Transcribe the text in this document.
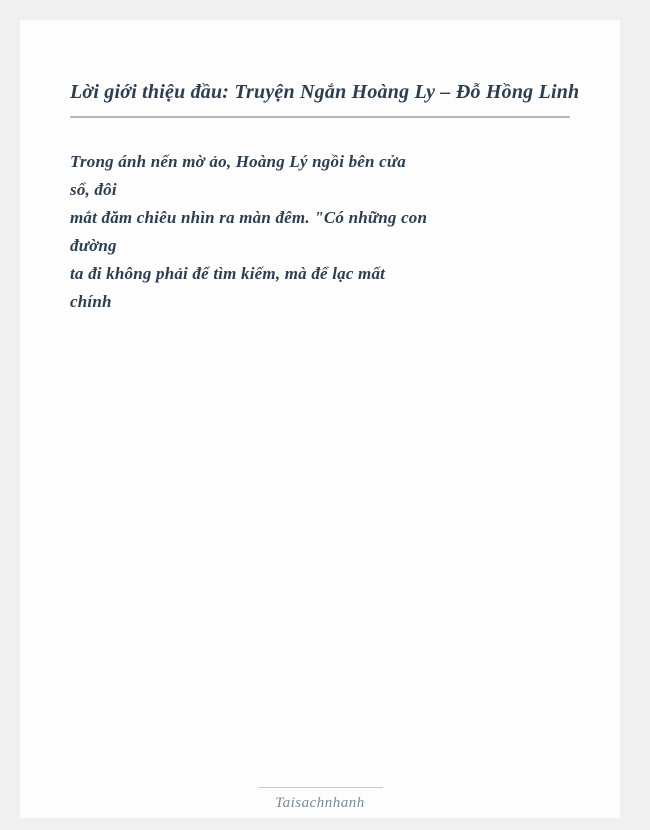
Lời giới thiệu đầu: Truyện Ngắn Hoàng Ly – Đỗ Hồng Linh
Trong ánh nến mờ ảo, Hoàng Lý ngồi bên cửa
sổ, đôi
mắt đăm chiêu nhìn ra màn đêm. "Có những con
đường
ta đi không phải để tìm kiếm, mà để lạc mất
chính
Taisachnhanh
